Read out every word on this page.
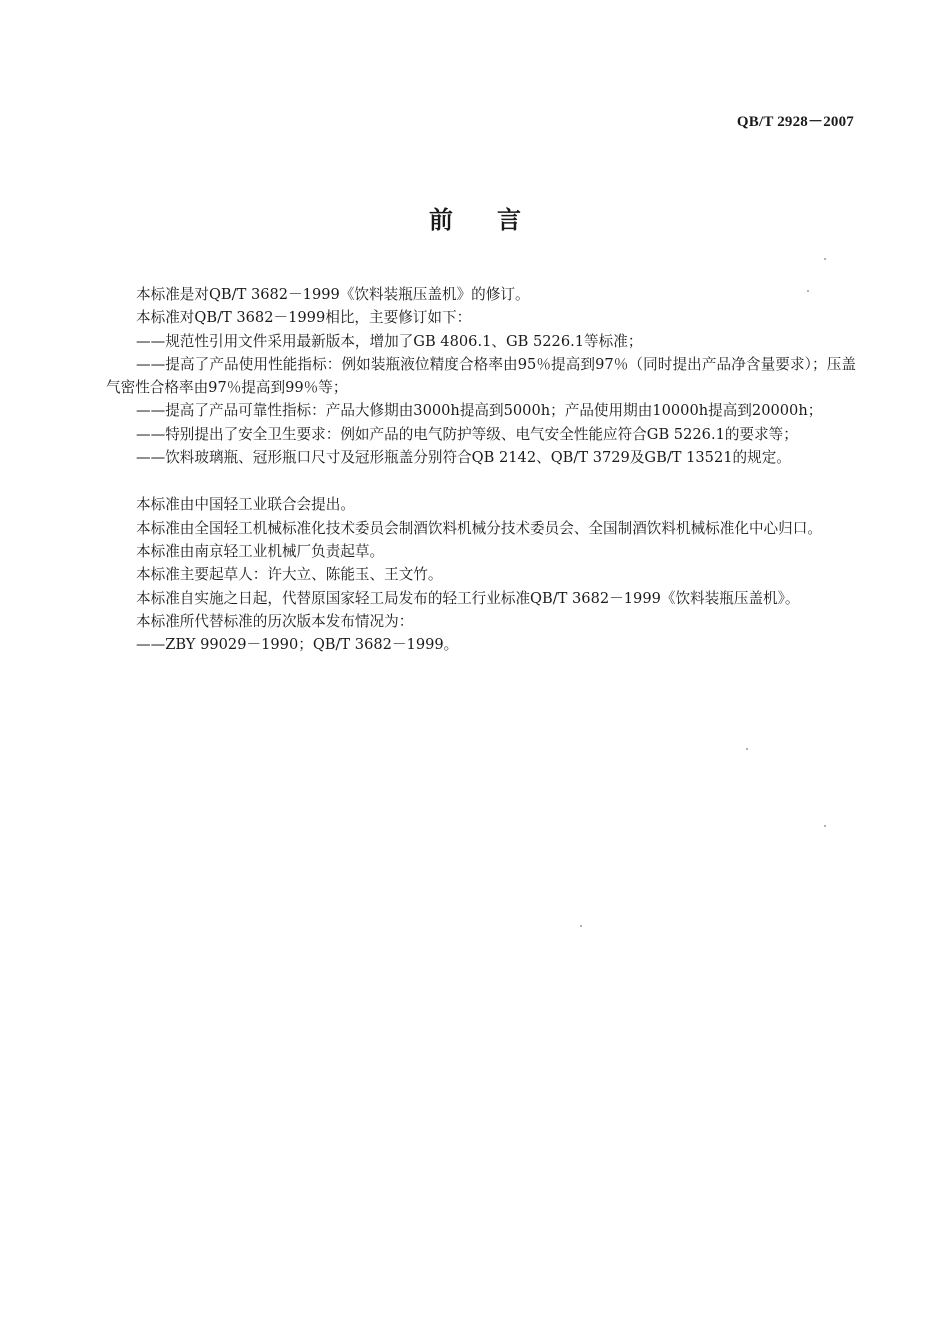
QB/T 2928－2007
前言

本标准是对QB/T 3682－1999《饮料装瓶压盖机》的修订。

本标准对QB/T 3682－1999相比，主要修订如下：

——规范性引用文件采用最新版本，增加了GB 4806.1、GB 5226.1等标准；

——提高了产品使用性能指标：例如装瓶液位精度合格率由95％提高到97％（同时提出产品净含量要求）；压盖气密性合格率由97％提高到99％等；

——提高了产品可靠性指标：产品大修期由3000h提高到5000h；产品使用期由10000h提高到20000h；

——特别提出了安全卫生要求：例如产品的电气防护等级、电气安全性能应符合GB 5226.1的要求等；

——饮料玻璃瓶、冠形瓶口尺寸及冠形瓶盖分别符合QB 2142、QB/T 3729及GB/T 13521的规定。

本标准由中国轻工业联合会提出。

本标准由全国轻工机械标准化技术委员会制酒饮料机械分技术委员会、全国制酒饮料机械标准化中心归口。

本标准由南京轻工业机械厂负责起草。

本标准主要起草人：许大立、陈能玉、王文竹。

本标准自实施之日起，代替原国家轻工局发布的轻工行业标准QB/T 3682－1999《饮料装瓶压盖机》。

本标准所代替标准的历次版本发布情况为：

——ZBY 99029－1990；QB/T 3682－1999。
